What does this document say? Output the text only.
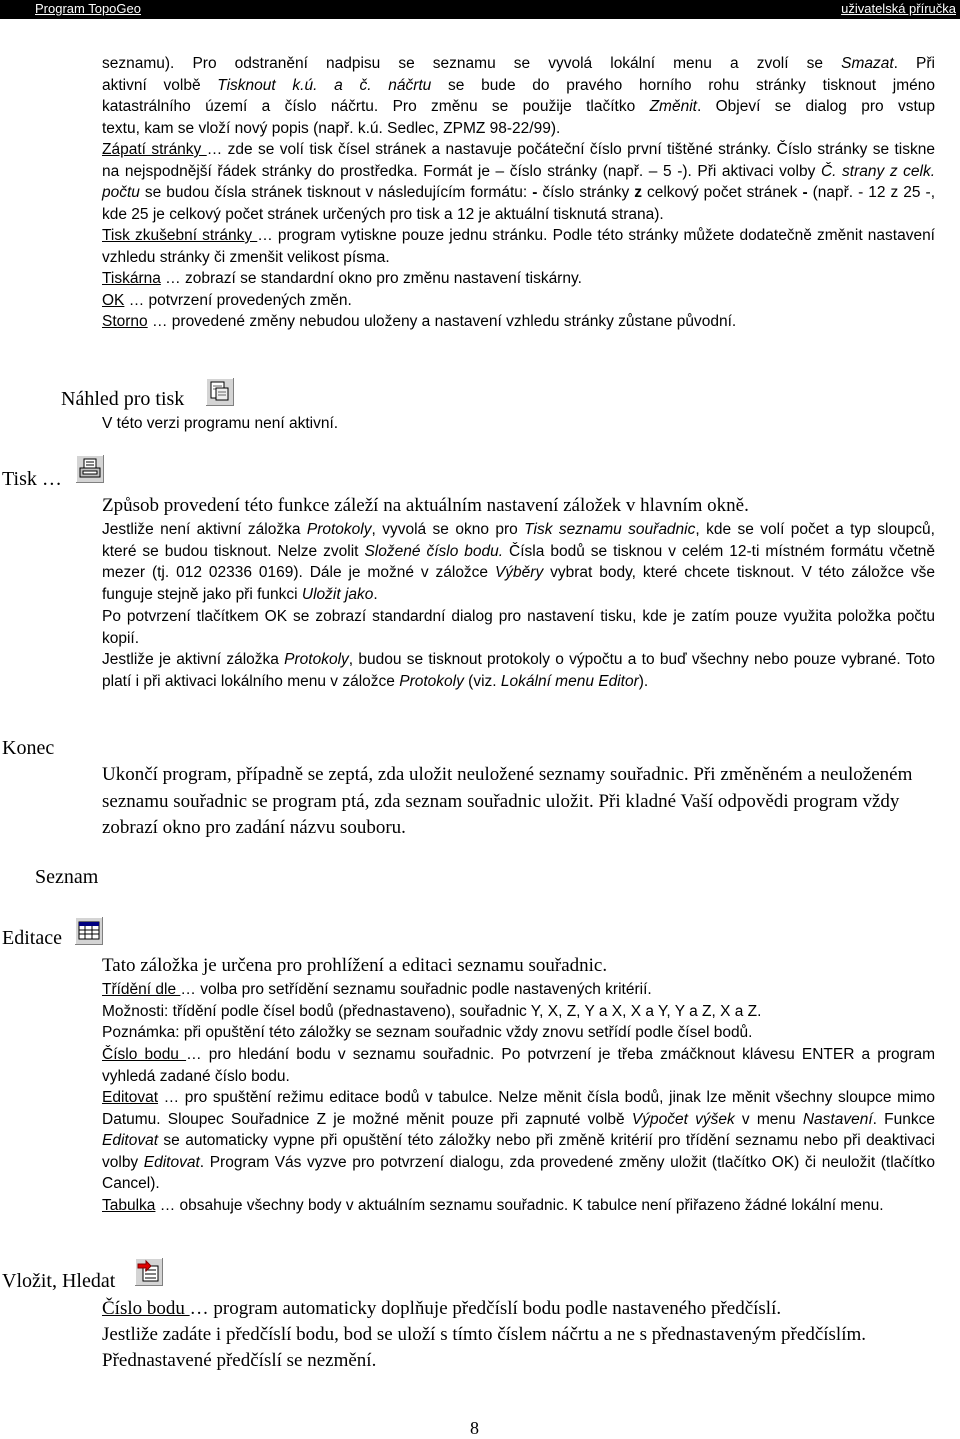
Program TopoGeo	uživatelská příručka
seznamu). Pro odstranění nadpisu se seznamu se vyvolá lokální menu a zvolí se Smazat. Při
aktivní volbě Tisknout k.ú. a č. náčrtu se bude do pravého horního rohu stránky tisknout jméno
katastrálního území a číslo náčrtu. Pro změnu se použije tlačítko Změnit. Objeví se dialog pro vstup
textu, kam se vloží nový popis (např. k.ú. Sedlec, ZPMZ 98-22/99).
Zápatí stránky … zde se volí tisk čísel stránek a nastavuje počáteční číslo první tištěné stránky. Číslo stránky se tiskne na nejspodnější řádek stránky do prostředka. Formát je – číslo stránky (např. – 5 -). Při aktivaci volby Č. strany z celk. počtu se budou čísla stránek tisknout v následujícím formátu: - číslo stránky z celkový počet stránek - (např. - 12 z 25 -, kde 25 je celkový počet stránek určených pro tisk a 12 je aktuální tisknutá strana).
Tisk zkušební stránky … program vytiskne pouze jednu stránku. Podle této stránky můžete dodatečně změnit nastavení vzhledu stránky či zmenšit velikost písma.
Tiskárna … zobrazí se standardní okno pro změnu nastavení tiskárny.
OK … potvrzení provedených změn.
Storno … provedené změny nebudou uloženy a nastavení vzhledu stránky zůstane původní.
Náhled pro tisk
V této verzi programu není aktivní.
Tisk …
Způsob provedení této funkce záleží na aktuálním nastavení záložek v hlavním okně.
Jestliže není aktivní záložka Protokoly, vyvolá se okno pro Tisk seznamu souřadnic, kde se volí počet a typ sloupců, které se budou tisknout. Nelze zvolit Složené číslo bodu. Čísla bodů se tisknou v celém 12-ti místném formátu včetně mezer (tj. 012 02336 0169). Dále je možné v záložce Výběry vybrat body, které chcete tisknout. V této záložce vše funguje stejně jako při funkci Uložit jako.
Po potvrzení tlačítkem OK se zobrazí standardní dialog pro nastavení tisku, kde je zatím pouze využita položka počtu kopií.
Jestliže je aktivní záložka Protokoly, budou se tisknout protokoly o výpočtu a to buď všechny nebo pouze vybrané. Toto platí i při aktivaci lokálního menu v záložce Protokoly (viz. Lokální menu Editor).
Konec
Ukončí program, případně se zeptá, zda uložit neuložené seznamy souřadnic. Při změněném a neuloženém seznamu souřadnic se program ptá, zda seznam souřadnic uložit. Při kladné Vaší odpovědi program vždy zobrazí okno pro zadání názvu souboru.
Seznam
Editace
Tato záložka je určena pro prohlížení a editaci seznamu souřadnic.
Třídění dle … volba pro setřídění seznamu souřadnic podle nastavených kritérií.
Možnosti: třídění podle čísel bodů (přednastaveno), souřadnic Y, X, Z, Y a X, X a Y, Y a Z, X a Z.
Poznámka: při opuštění této záložky se seznam souřadnic vždy znovu setřídí podle čísel bodů.
Číslo bodu … pro hledání bodu v seznamu souřadnic. Po potvrzení je třeba zmáčknout klávesu ENTER a program vyhledá zadané číslo bodu.
Editovat … pro spuštění režimu editace bodů v tabulce. Nelze měnit čísla bodů, jinak lze měnit všechny sloupce mimo Datumu. Sloupec Souřadnice Z je možné měnit pouze při zapnuté volbě Výpočet výšek v menu Nastavení. Funkce Editovat se automaticky vypne při opuštění této záložky nebo při změně kritérií pro třídění seznamu nebo při deaktivaci volby Editovat. Program Vás vyzve pro potvrzení dialogu, zda provedené změny uložit (tlačítko OK) či neuložit (tlačítko Cancel).
Tabulka … obsahuje všechny body v aktuálním seznamu souřadnic. K tabulce není přiřazeno žádné lokální menu.
Vložit, Hledat
Číslo bodu … program automaticky doplňuje předčíslí bodu podle nastaveného předčíslí.
Jestliže zadáte i předčíslí bodu, bod se uloží s tímto číslem náčrtu a ne s přednastaveným předčíslím. Přednastavené předčíslí se nezmění.
8
